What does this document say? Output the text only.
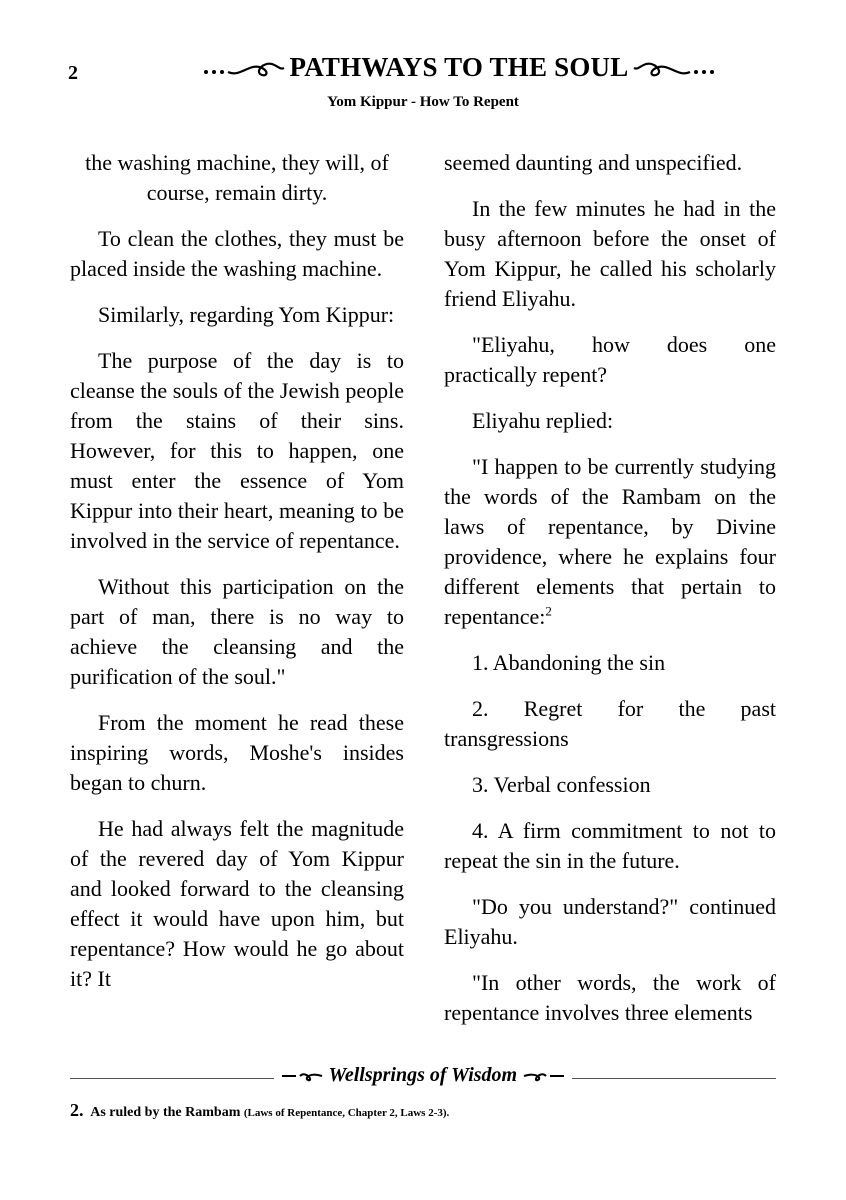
2	PATHWAYS TO THE SOUL
Yom Kippur - How To Repent

the washing machine, they will, of course, remain dirty.

To clean the clothes, they must be placed inside the washing machine.

Similarly, regarding Yom Kippur:

The purpose of the day is to cleanse the souls of the Jewish people from the stains of their sins. However, for this to happen, one must enter the essence of Yom Kippur into their heart, meaning to be involved in the service of repentance.

Without this participation on the part of man, there is no way to achieve the cleansing and the purification of the soul."

From the moment he read these inspiring words, Moshe's insides began to churn.

He had always felt the magnitude of the revered day of Yom Kippur and looked forward to the cleansing effect it would have upon him, but repentance? How would he go about it? It

seemed daunting and unspecified.

In the few minutes he had in the busy afternoon before the onset of Yom Kippur, he called his scholarly friend Eliyahu.

"Eliyahu, how does one practically repent?

Eliyahu replied:

"I happen to be currently studying the words of the Rambam on the laws of repentance, by Divine providence, where he explains four different elements that pertain to repentance:$^2$

1. Abandoning the sin

2. Regret for the past transgressions

3. Verbal confession

4. A firm commitment to not to repeat the sin in the future.

"Do you understand?" continued Eliyahu.

"In other words, the work of repentance involves three elements

Wellsprings of Wisdom
2. As ruled by the Rambam (Laws of Repentance, Chapter 2, Laws 2-3).
